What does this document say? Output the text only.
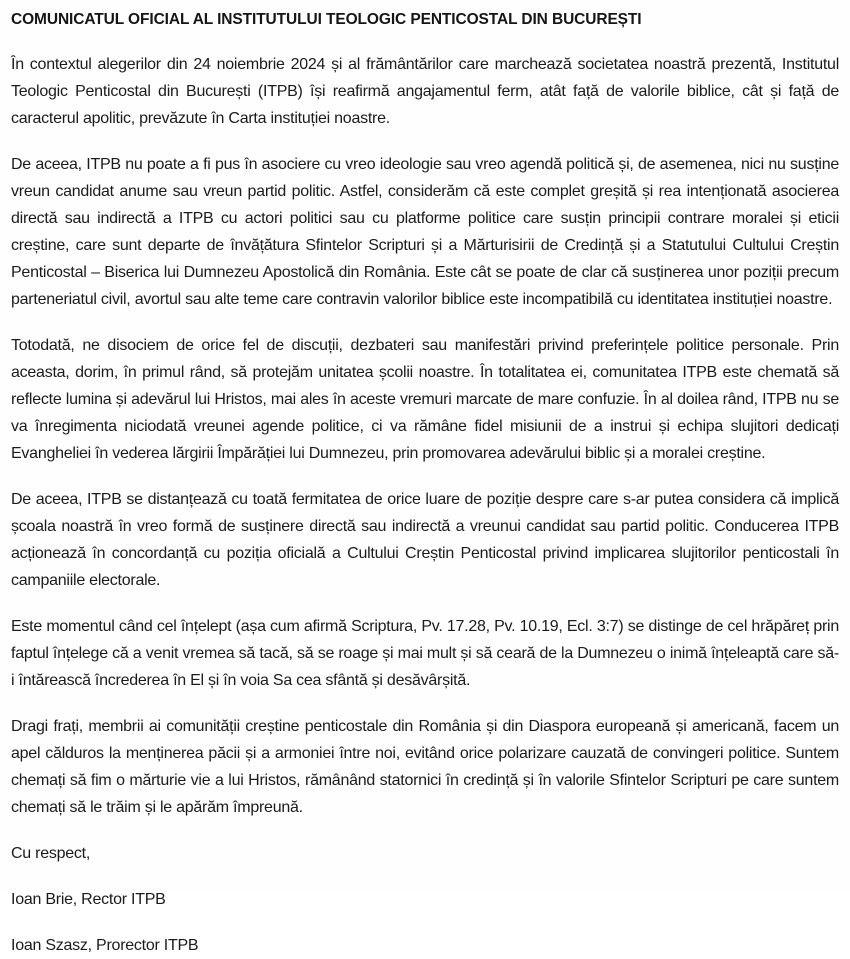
COMUNICATUL OFICIAL AL INSTITUTULUI TEOLOGIC PENTICOSTAL DIN BUCUREȘTI

În contextul alegerilor din 24 noiembrie 2024 și al frământărilor care marchează societatea noastră prezentă, Institutul Teologic Penticostal din București (ITPB) își reafirmă angajamentul ferm, atât față de valorile biblice, cât și față de caracterul apolitic, prevăzute în Carta instituției noastre.

De aceea, ITPB nu poate a fi pus în asociere cu vreo ideologie sau vreo agendă politică și, de asemenea, nici nu susține vreun candidat anume sau vreun partid politic. Astfel, considerăm că este complet greșită și rea intenționată asocierea directă sau indirectă a ITPB cu actori politici sau cu platforme politice care susțin principii contrare moralei și eticii creștine, care sunt departe de învățătura Sfintelor Scripturi și a Mărturisirii de Credință și a Statutului Cultului Creștin Penticostal – Biserica lui Dumnezeu Apostolică din România. Este cât se poate de clar că susținerea unor poziții precum parteneriatul civil, avortul sau alte teme care contravin valorilor biblice este incompatibilă cu identitatea instituției noastre.

Totodată, ne disociem de orice fel de discuții, dezbateri sau manifestări privind preferințele politice personale. Prin aceasta, dorim, în primul rând, să protejăm unitatea școlii noastre. În totalitatea ei, comunitatea ITPB este chemată să reflecte lumina și adevărul lui Hristos, mai ales în aceste vremuri marcate de mare confuzie. În al doilea rând, ITPB nu se va înregimenta niciodată vreunei agende politice, ci va rămâne fidel misiunii de a instrui și echipa slujitori dedicați Evangheliei în vederea lărgirii Împărăției lui Dumnezeu, prin promovarea adevărului biblic și a moralei creștine.

De aceea, ITPB se distanțează cu toată fermitatea de orice luare de poziție despre care s-ar putea considera că implică școala noastră în vreo formă de susținere directă sau indirectă a vreunui candidat sau partid politic. Conducerea ITPB acționează în concordanță cu poziția oficială a Cultului Creștin Penticostal privind implicarea slujitorilor penticostali în campaniile electorale.

Este momentul când cel înțelept (așa cum afirmă Scriptura, Pv. 17.28, Pv. 10.19, Ecl. 3:7) se distinge de cel hrăpăreț prin faptul înțelege că a venit vremea să tacă, să se roage și mai mult și să ceară de la Dumnezeu o inimă înțeleaptă care să-i întărească încrederea în El și în voia Sa cea sfântă și desăvârșită.

Dragi frați, membrii ai comunității creștine penticostale din România și din Diaspora europeană și americană, facem un apel călduros la menținerea păcii și a armoniei între noi, evitând orice polarizare cauzată de convingeri politice. Suntem chemați să fim o mărturie vie a lui Hristos, rămânând statornici în credință și în valorile Sfintelor Scripturi pe care suntem chemați să le trăim și le apărăm împreună.

Cu respect,

Ioan Brie, Rector ITPB

Ioan Szasz, Prorector ITPB
